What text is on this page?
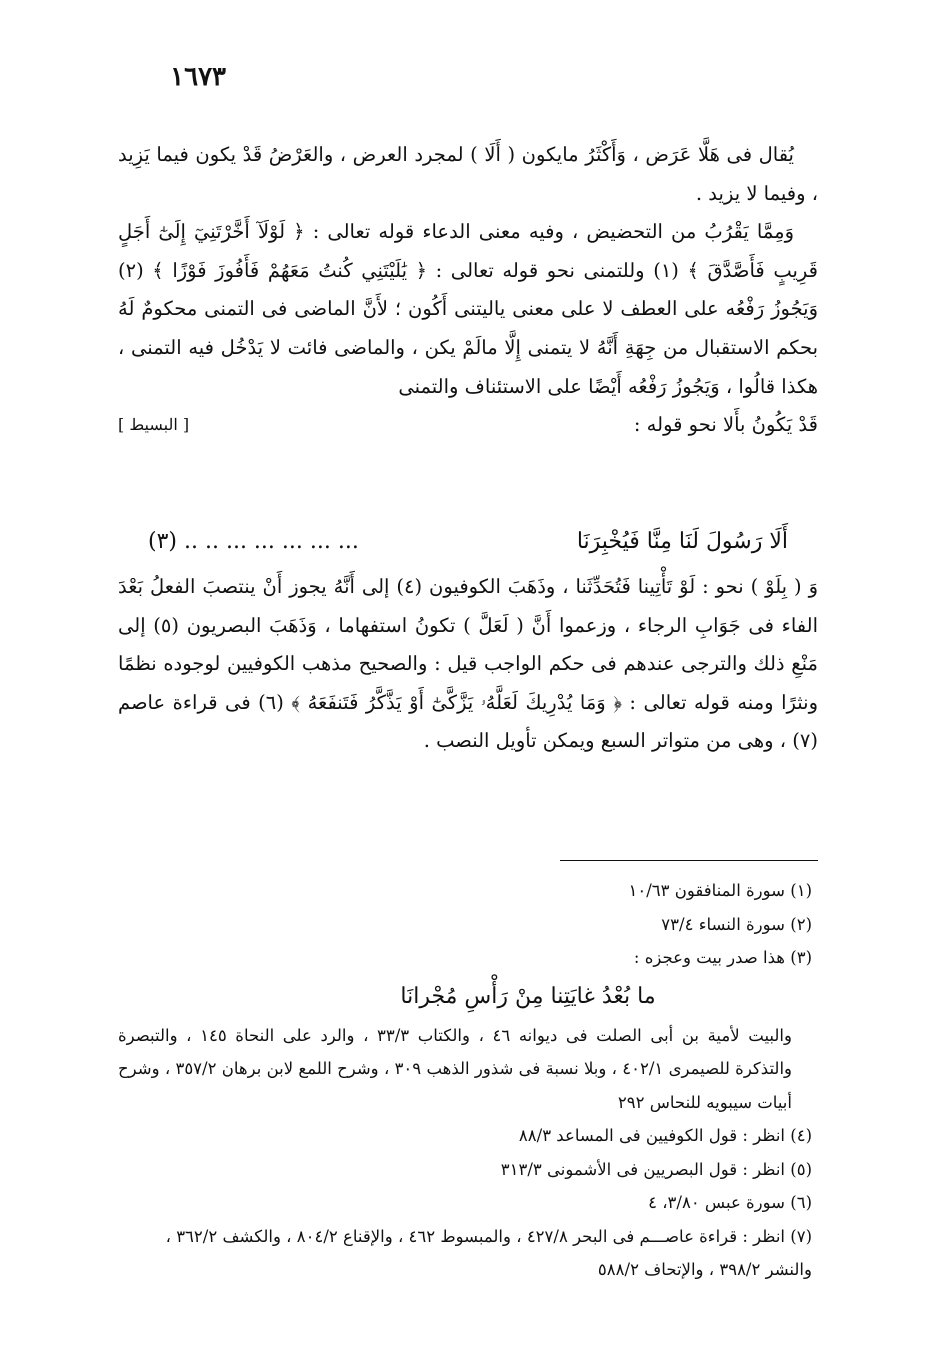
١٦٧٣

يُقال فى هَلَّا عَرَض ، وَأَكْثَرُ مايكون ( أَلَا ) لمجرد العرض ، والعَرْضُ قَدْ يكون فيما يَزِيد ، وفيما لا يزيد .

وَمِمَّا يَقْرُبُ من التحضيض ، وفيه معنى الدعاء قوله تعالى : ﴿ لَوْلَآ أَخَّرْتَنِيٓ إِلَىٰٓ أَجَلٍ قَرِيبٍ فَأَصَّدَّقَ ﴾ (١) وللتمنى نحو قوله تعالى : ﴿ يَٰلَيْتَنِي كُنتُ مَعَهُمْ فَأَفُوزَ فَوْزًا ﴾ (٢) وَيَجُوزُ رَفْعُه على العطف لا على معنى ياليتنى أَكُون ؛ لأَنَّ الماضى فى التمنى محكومٌ لَهُ بحكم الاستقبال من جِهَةِ أَنَّهُ لا يتمنى إِلَّا مالَمْ يكن ، والماضى فائت لا يَدْخُل فيه التمنى ، هكذا قالُوا ، وَيَجُوزُ رَفْعُه أَيْضًا على الاستئناف والتمنى

قَدْ يَكُونُ بأَلا نحو قوله :
[ البسيط ]
أَلَا رَسُولَ لَنَا مِنَّا فَيُخْبِرَنَا
... ... ... ... ... .. .. (٣)

وَ ( بِلَوْ ) نحو : لَوْ تَأْتِينا فَتُحَدِّثَنا ، وذَهَبَ الكوفيون (٤) إلى أَنَّهُ يجوز أَنْ ينتصبَ الفعلُ بَعْدَ الفاء فى جَوَابِ الرجاء ، وزعموا أَنَّ ( لَعَلَّ ) تكونُ استفهاما ، وَذَهَبَ البصريون (٥) إلى مَنْعِ ذلك والترجى عندهم فى حكم الواجب قيل : والصحيح مذهب الكوفيين لوجوده نظمًا ونثرًا ومنه قوله تعالى : ﴿ وَمَا يُدْرِيكَ لَعَلَّهُۥ يَزَّكَّىٰٓ أَوْ يَذَّكَّرُ فَتَنفَعَهُ ﴾ (٦) فى قراءة عاصم (٧) ، وهى من متواتر السبع ويمكن تأويل النصب .

(١) سورة المنافقون ١٠/٦٣
(٢) سورة النساء ٧٣/٤
(٣) هذا صدر بيت وعجزه :
ما بُعْدُ غايَتِنا مِنْ رَأْسِ مُجْرانَا
والبيت لأمية بن أبى الصلت فى ديوانه ٤٦ ، والكتاب ٣٣/٣ ، والرد على النحاة ١٤٥ ، والتبصرة والتذكرة للصيمرى ٤٠٢/١ ، وبلا نسبة فى شذور الذهب ٣٠٩ ، وشرح اللمع لابن برهان ٣٥٧/٢ ، وشرح أبيات سيبويه للنحاس ٢٩٢
(٤) انظر : قول الكوفيين فى المساعد ٨٨/٣
(٥) انظر : قول البصريين فى الأشمونى ٣١٣/٣
(٦) سورة عبس ٣/٨٠، ٤
(٧) انظر : قراءة عاصـــم فى البحر ٤٢٧/٨ ، والمبسوط ٤٦٢ ، والإقناع ٨٠٤/٢ ، والكشف ٣٦٢/٢ ، والنشر ٣٩٨/٢ ، والإتحاف ٥٨٨/٢
